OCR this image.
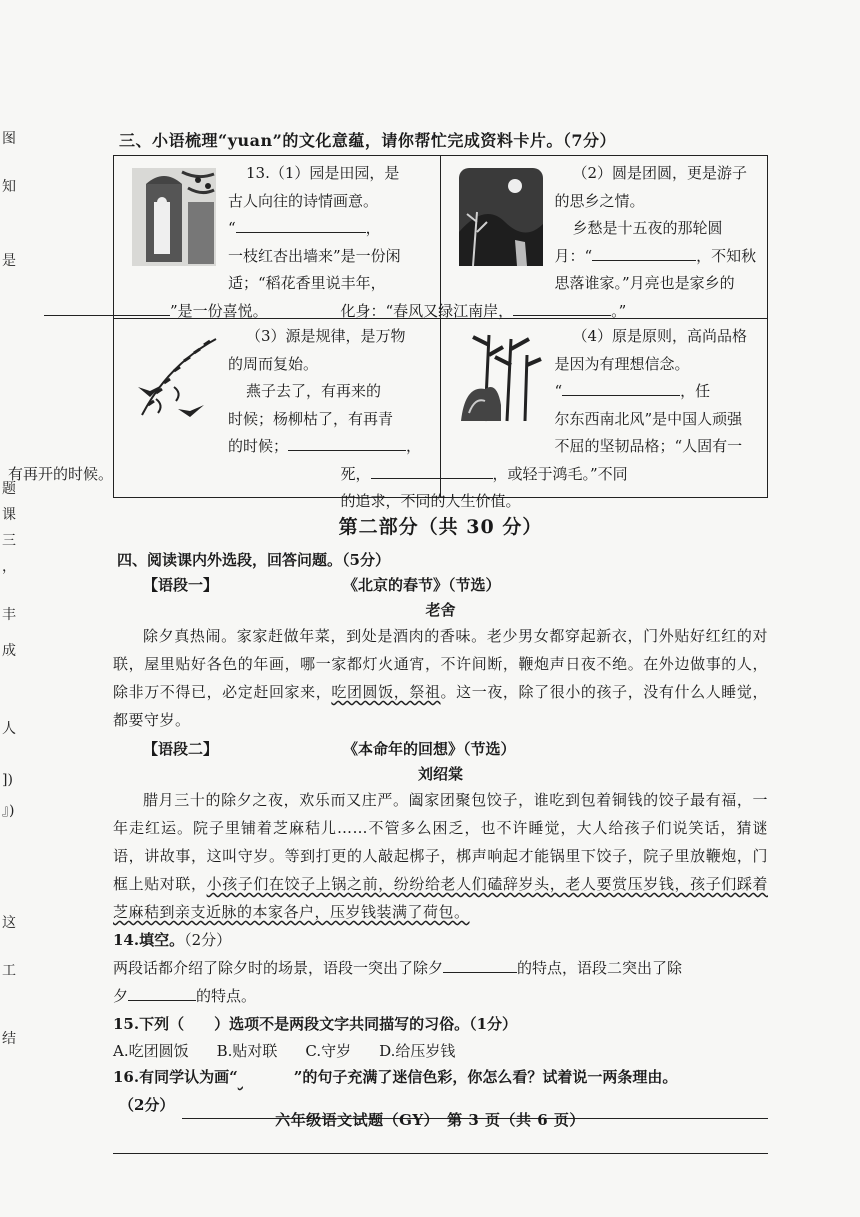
图
知
是
题
课
三
，
丰
成
人
])
』)
这
工
结
三、小语梳理“yuan”的文化意蕴，请你帮忙完成资料卡片。（7分）
13.（1）园是田园，是
古人向往的诗情画意。
“	，
一枝红杏出墙来”是一份闲
适；“稻花香里说丰年，
”是一份喜悦。
（2）圆是团圆，更是游子
的思乡之情。
乡愁是十五夜的那轮圆
月：“	，不知秋
思落谁家。”月亮也是家乡的
化身：“春风又绿江南岸，	。”
（3）源是规律，是万物
的周而复始。
燕子去了，有再来的
时候；杨柳枯了，有再青
的时候；	，
有再开的时候。
（4）原是原则，高尚品格
是因为有理想信念。
“	，任
尔东西南北风”是中国人顽强
不屈的坚韧品格；“人固有一
死，	，或轻于鸿毛。”不同
的追求，不同的人生价值。
第二部分（共 30 分）
四、阅读课内外选段，回答问题。（5分）
【语段一】	《北京的春节》（节选）
老舍
除夕真热闹。家家赶做年菜，到处是酒肉的香味。老少男女都穿起新衣，门外贴好红红的对联，屋里贴好各色的年画，哪一家都灯火通宵，不许间断，鞭炮声日夜不绝。在外边做事的人，除非万不得已，必定赶回家来，吃团圆饭，祭祖。这一夜，除了很小的孩子，没有什么人睡觉，都要守岁。
【语段二】	《本命年的回想》（节选）
刘绍棠
腊月三十的除夕之夜，欢乐而又庄严。阖家团聚包饺子，谁吃到包着铜钱的饺子最有福，一年走红运。院子里铺着芝麻秸儿……不管多么困乏，也不许睡觉，大人给孩子们说笑话，猜谜语，讲故事，这叫守岁。等到打更的人敲起梆子，梆声响起才能锅里下饺子，院子里放鞭炮，门框上贴对联，小孩子们在饺子上锅之前，纷纷给老人们磕辞岁头，老人要赏压岁钱，孩子们踩着芝麻秸到亲支近脉的本家各户，压岁钱装满了荷包。
14.填空。（2分）
两段话都介绍了除夕时的场景，语段一突出了除夕	的特点，语段二突出了除
夕	的特点。
15.下列（　　）选项不是两段文字共同描写的习俗。（1分）
A.吃团圆饭 B.贴对联 C.守岁 D.给压岁钱
16.有同学认为画“	”的句子充满了迷信色彩，你怎么看？试着说一两条理由。
（2分）
六年级语文试题（GY）　第 3 页（共 6 页）
